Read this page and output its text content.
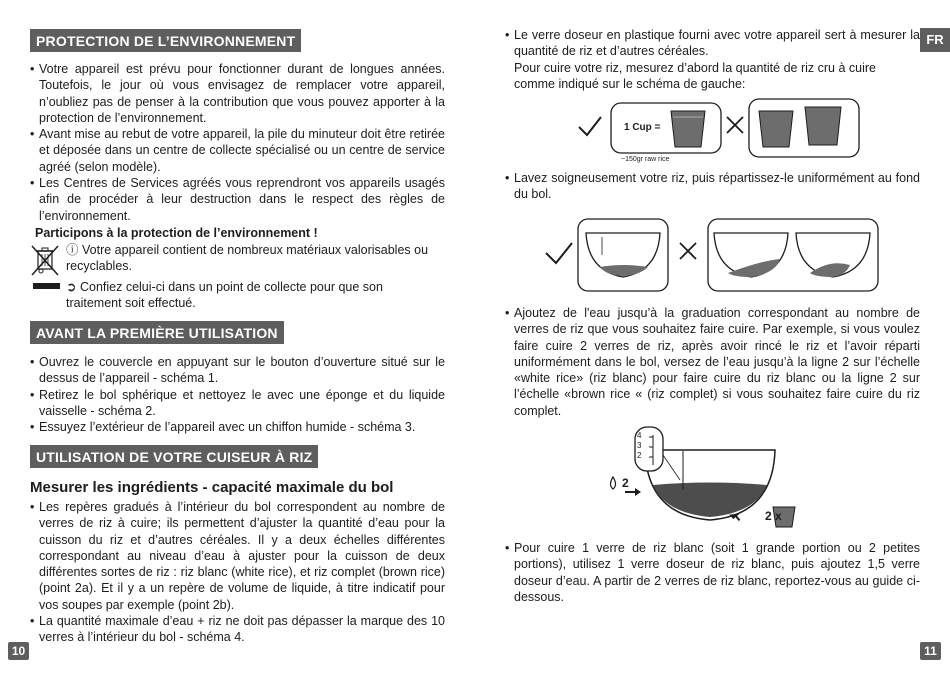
PROTECTION DE L’ENVIRONNEMENT
• Votre appareil est prévu pour fonctionner durant de longues années. Toutefois, le jour où vous envisagez de remplacer votre appareil, n’oubliez pas de penser à la contribution que vous pouvez apporter à la protection de l’environnement.
• Avant mise au rebut de votre appareil, la pile du minuteur doit être retirée et déposée dans un centre de collecte spécialisé ou un centre de service agréé (selon modèle).
• Les Centres de Services agréés vous reprendront vos appareils usagés afin de procéder à leur destruction dans le respect des règles de l’environnement.
Participons à la protection de l’environnement !
ⓘ Votre appareil contient de nombreux matériaux valorisables ou recyclables.
➲ Confiez celui-ci dans un point de collecte pour que son traitement soit effectué.
AVANT LA PREMIÈRE UTILISATION
• Ouvrez le couvercle en appuyant sur le bouton d’ouverture situé sur le dessus de l’appareil - schéma 1.
• Retirez le bol sphérique et nettoyez le avec une éponge et du liquide vaisselle - schéma 2.
• Essuyez l’extérieur de l’appareil avec un chiffon humide - schéma 3.
UTILISATION DE VOTRE CUISEUR À RIZ
Mesurer les ingrédients - capacité maximale du bol
• Les repères gradués à l’intérieur du bol correspondent au nombre de verres de riz à cuire; ils permettent d’ajuster la quantité d’eau pour la cuisson du riz et d’autres céréales. Il y a deux échelles différentes correspondant au niveau d’eau à ajuster pour la cuisson de deux différentes sortes de riz : riz blanc (white rice), et riz complet (brown rice) (point 2a). Et il y a un repère de volume de liquide, à titre indicatif pour vos soupes par exemple (point 2b).
• La quantité maximale d’eau + riz ne doit pas dépasser la marque des 10 verres à l’intérieur du bol - schéma 4.
10
FR
• Le verre doseur en plastique fourni avec votre appareil sert à mesurer la quantité de riz et d’autres céréales.
Pour cuire votre riz, mesurez d’abord la quantité de riz cru à cuire comme indiqué sur le schéma de gauche:
1 Cup =
~150gr raw rice
• Lavez soigneusement votre riz, puis répartissez-le uniformément au fond du bol.
• Ajoutez de l'eau jusqu’à la graduation correspondant au nombre de verres de riz que vous souhaitez faire cuire. Par exemple, si vous voulez faire cuire 2 verres de riz, après avoir rincé le riz et l’avoir réparti uniformément dans le bol, versez de l’eau jusqu’à la ligne 2 sur l’échelle «white rice» (riz blanc) pour faire cuire du riz blanc ou la ligne 2 sur l’échelle «brown rice « (riz complet) si vous souhaitez faire cuire du riz complet.
4
3
2
2
2 x
• Pour cuire 1 verre de riz blanc (soit 1 grande portion ou 2 petites portions), utilisez 1 verre doseur de riz blanc, puis ajoutez 1,5 verre doseur d’eau. A partir de 2 verres de riz blanc, reportez-vous au guide ci-dessous.
11
